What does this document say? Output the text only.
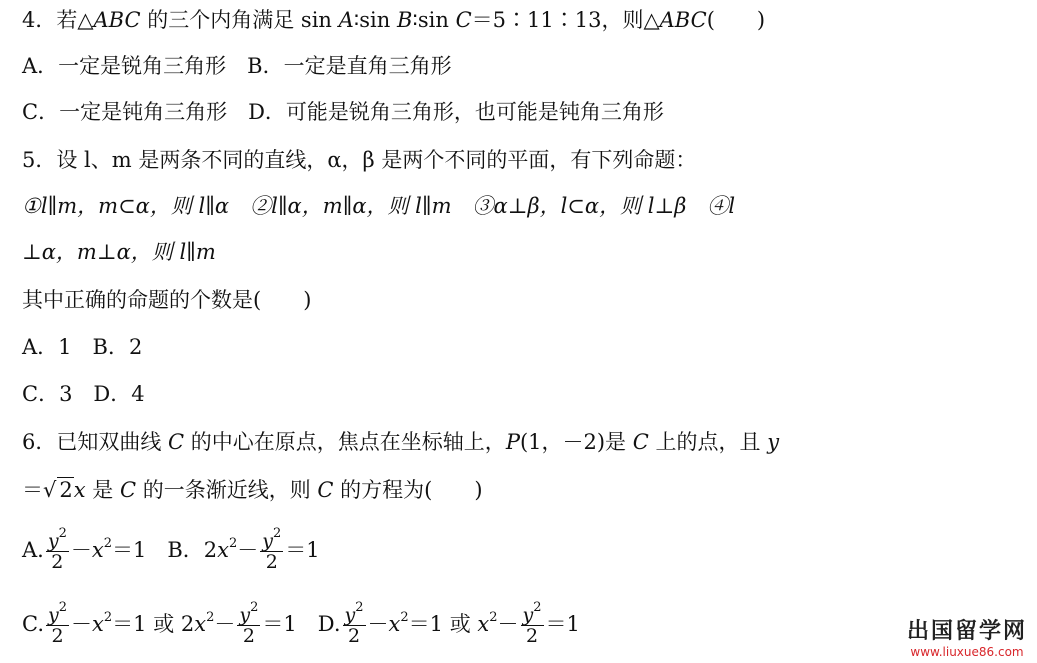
4．若△ABC 的三个内角满足 sin A∶sin B∶sin C＝5∶11∶13，则△ABC(　　)
A．一定是锐角三角形　B．一定是直角三角形
C．一定是钝角三角形　D．可能是锐角三角形，也可能是钝角三角形
5．设 l、m 是两条不同的直线，α，β 是两个不同的平面，有下列命题：
①l∥m，m⊂α，则 l∥α　②l∥α，m∥α，则 l∥m　③α⊥β，l⊂α，则 l⊥β　④l
⊥α，m⊥α，则 l∥m
其中正确的命题的个数是(　　)
A．1　B．2
C．3　D．4
6．已知双曲线 C 的中心在原点，焦点在坐标轴上，P(1，－2)是 C 上的点，且 y
＝√ 2x 是 C 的一条渐近线，则 C 的方程为(　　)
A. $\frac{y^2}{2} -x^2=1$　B．$2x^2- \frac{y^2}{2} =1$
C. $\frac{y^2}{2} -x^2=1$ 或 $2x^2- \frac{y^2}{2} =1$　 D. $\frac{y^2}{2} -x^2=1$ 或 $x^2- \frac{y^2}{2} =1$	出国留学网
www.liuxue86.com
